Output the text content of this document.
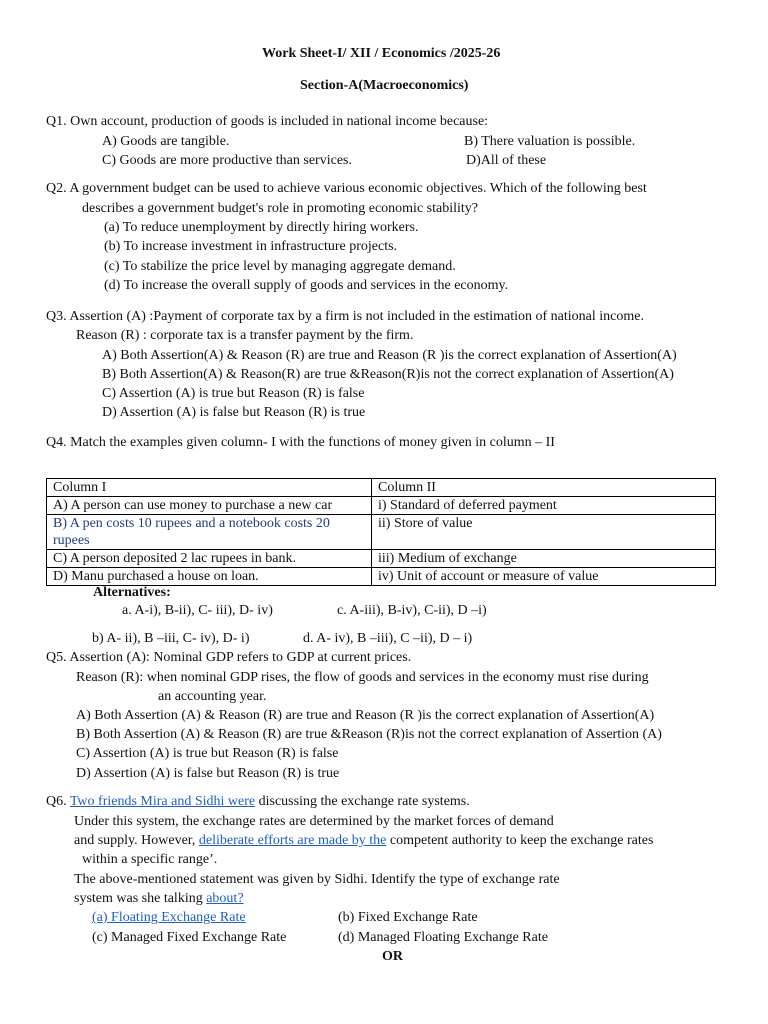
Work Sheet-I/ XII / Economics /2025-26
Section-A(Macroeconomics)
Q1. Own account, production of goods is included in national income because:
A) Goods are tangible.	B) There valuation is possible.
C) Goods are more productive than services.	D)All of these
Q2. A government budget can be used to achieve various economic objectives. Which of the following best
describes a government budget's role in promoting economic stability?
(a) To reduce unemployment by directly hiring workers.
(b) To increase investment in infrastructure projects.
(c) To stabilize the price level by managing aggregate demand.
(d) To increase the overall supply of goods and services in the economy.
Q3. Assertion (A) :Payment of corporate tax by a firm is not included in the estimation of national income.
Reason (R) : corporate tax is a transfer payment by the firm.
A) Both Assertion(A) & Reason (R) are true and Reason (R )is the correct explanation of Assertion(A)
B) Both Assertion(A) & Reason(R) are true &Reason(R)is not the correct explanation of Assertion(A)
C) Assertion (A) is true but Reason (R) is false
D) Assertion (A) is false but Reason (R) is true
Q4. Match the examples given column- I with the functions of money given in column – II
Column I	Column II
A) A person can use money to purchase a new car	i) Standard of deferred payment
B) A pen costs 10 rupees and a notebook costs 20 rupees	ii) Store of value
C) A person deposited 2 lac rupees in bank.	iii) Medium of exchange
D) Manu purchased a house on loan.	iv) Unit of account or measure of value
Alternatives:
a. A-i), B-ii), C- iii), D- iv)	c. A-iii), B-iv), C-ii), D –i)
b) A- ii), B –iii, C- iv), D- i)	d. A- iv), B –iii), C –ii), D – i)
Q5. Assertion (A): Nominal GDP refers to GDP at current prices.
Reason (R): when nominal GDP rises, the flow of goods and services in the economy must rise during
an accounting year.
A) Both Assertion (A) & Reason (R) are true and Reason (R )is the correct explanation of Assertion(A)
B) Both Assertion (A) & Reason (R) are true &Reason (R)is not the correct explanation of Assertion (A)
C) Assertion (A) is true but Reason (R) is false
D) Assertion (A) is false but Reason (R) is true
Q6. Two friends Mira and Sidhi were discussing the exchange rate systems.
Under this system, the exchange rates are determined by the market forces of demand
and supply. However, deliberate efforts are made by the competent authority to keep the exchange rates
within a specific range’.
The above-mentioned statement was given by Sidhi. Identify the type of exchange rate
system was she talking about?
(a) Floating Exchange Rate	(b) Fixed Exchange Rate
(c) Managed Fixed Exchange Rate	(d) Managed Floating Exchange Rate
OR
